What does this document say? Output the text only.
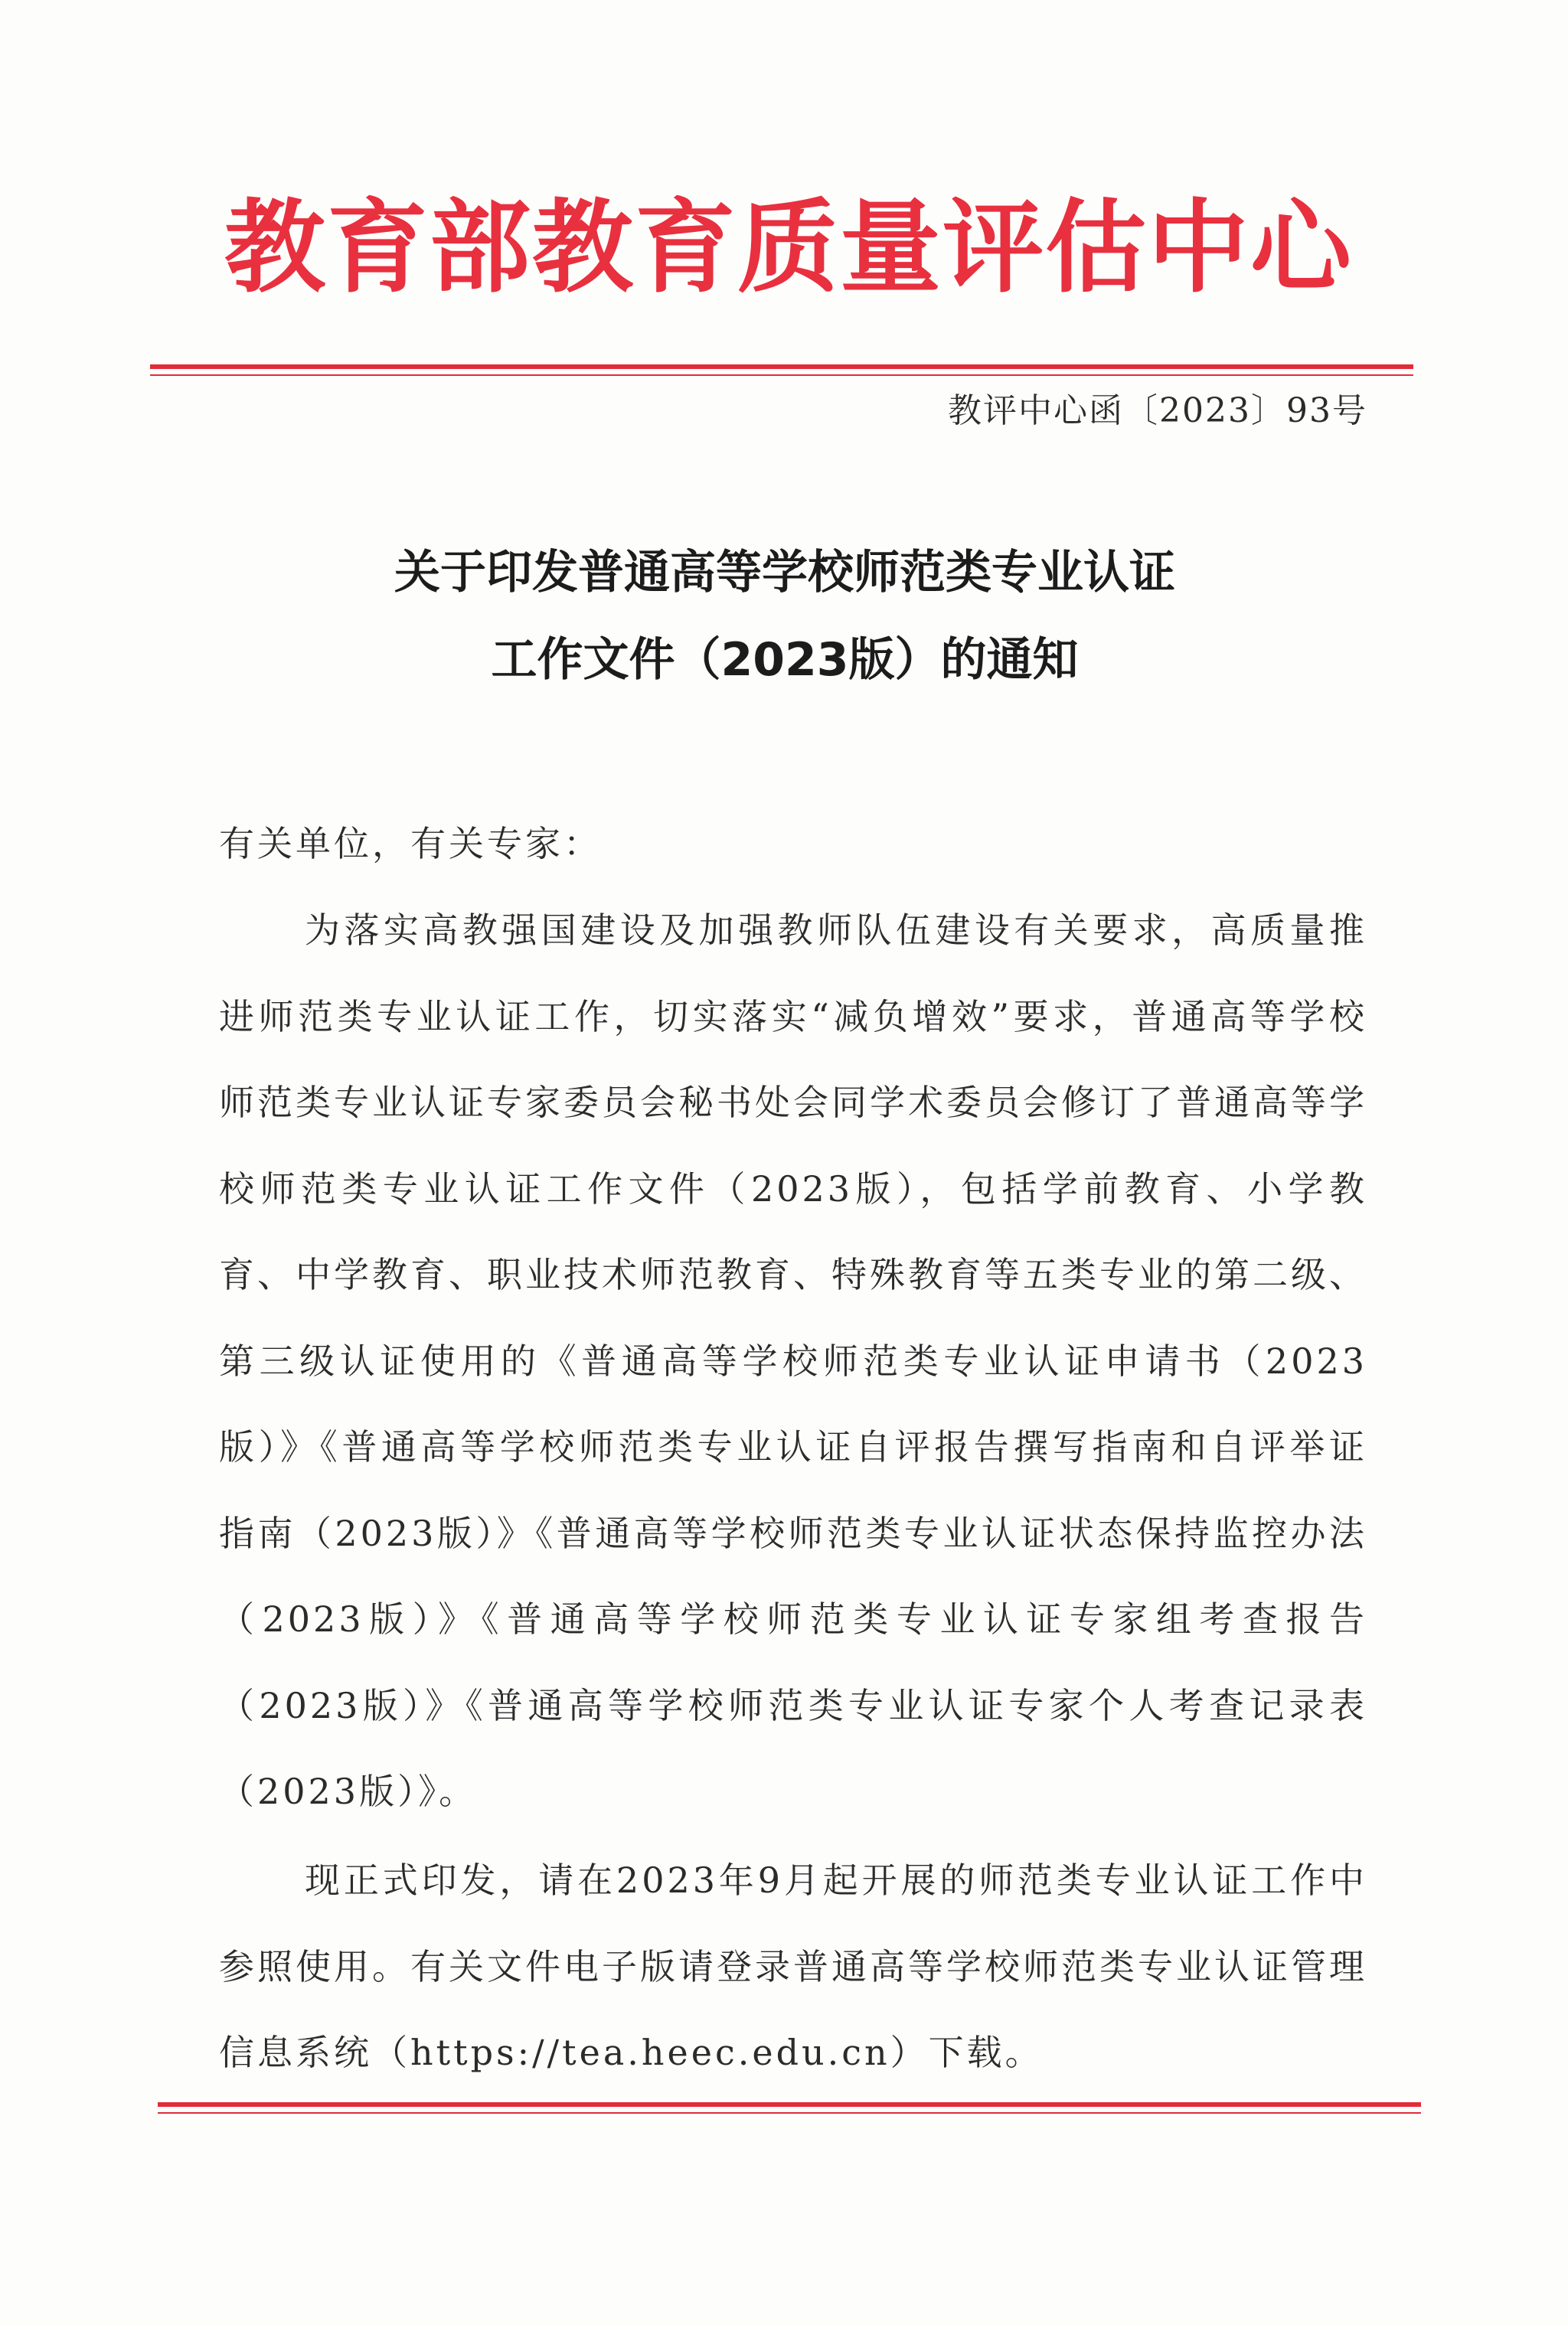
教育部教育质量评估中心
教评中心函〔2023〕93号
关于印发普通高等学校师范类专业认证
工作文件（2023版）的通知
有关单位，有关专家：
为落实高教强国建设及加强教师队伍建设有关要求，高质量推进师范类专业认证工作，切实落实“减负增效”要求，普通高等学校师范类专业认证专家委员会秘书处会同学术委员会修订了普通高等学校师范类专业认证工作文件（2023版），包括学前教育、小学教育、中学教育、职业技术师范教育、特殊教育等五类专业的第二级、第三级认证使用的《普通高等学校师范类专业认证申请书（2023版）》《普通高等学校师范类专业认证自评报告撰写指南和自评举证指南（2023版）》《普通高等学校师范类专业认证状态保持监控办法（2023版）》《普通高等学校师范类专业认证专家组考查报告（2023版）》《普通高等学校师范类专业认证专家个人考查记录表（2023版）》。
现正式印发，请在2023年9月起开展的师范类专业认证工作中参照使用。有关文件电子版请登录普通高等学校师范类专业认证管理信息系统（https://tea.heec.edu.cn）下载。
